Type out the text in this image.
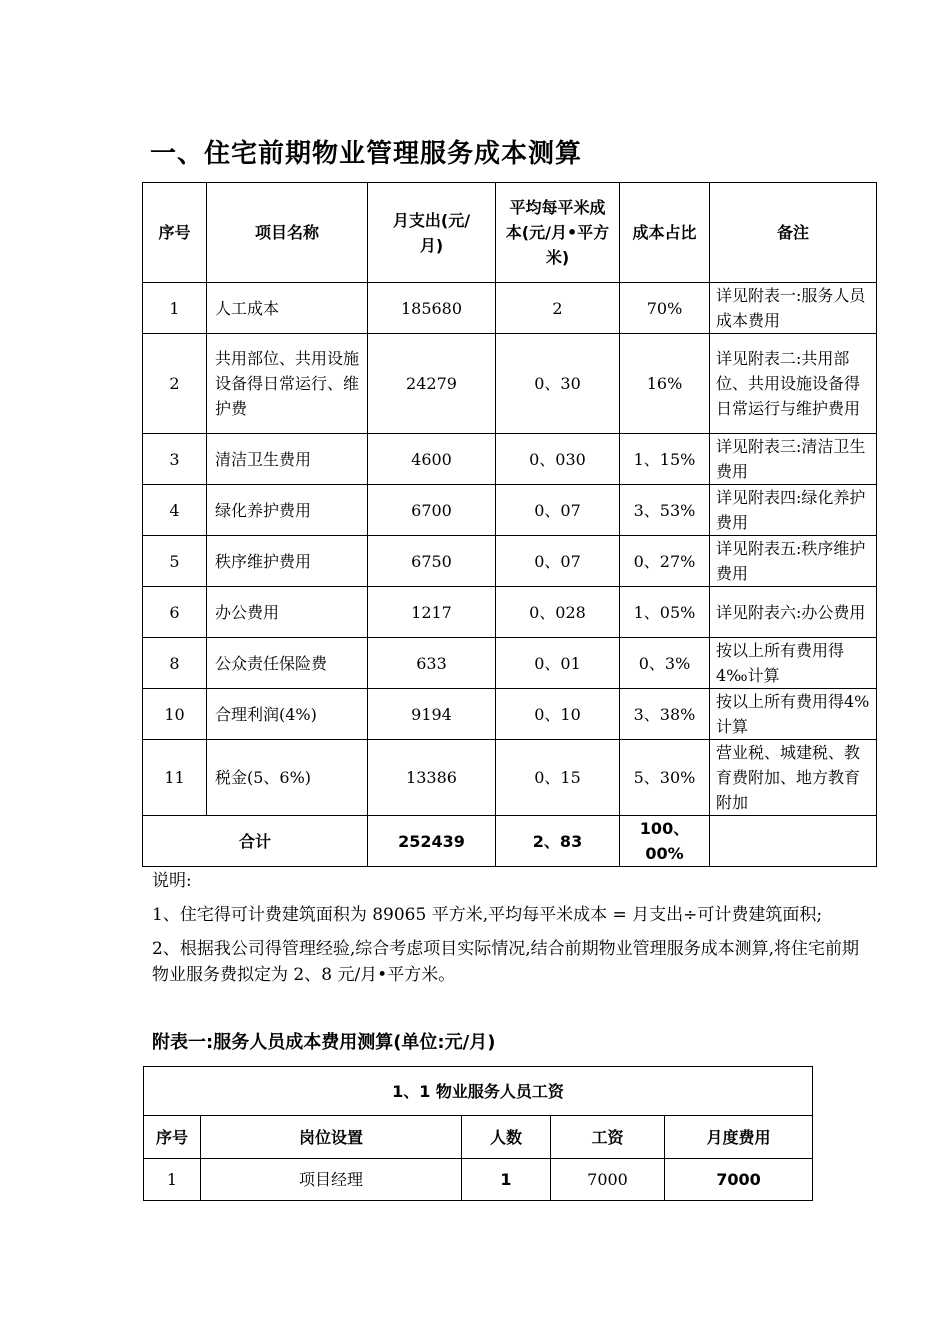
一、住宅前期物业管理服务成本测算
序号	项目名称	月支出(元/月)	平均每平米成本(元/月•平方米)	成本占比	备注
1	人工成本	185680	2	70%	详见附表一:服务人员成本费用
2	共用部位、共用设施设备得日常运行、维护费	24279	0、30	16%	详见附表二:共用部位、共用设施设备得日常运行与维护费用
3	清洁卫生费用	4600	0、030	1、15%	详见附表三:清洁卫生费用
4	绿化养护费用	6700	0、07	3、53%	详见附表四:绿化养护费用
5	秩序维护费用	6750	0、07	0、27%	详见附表五:秩序维护费用
6	办公费用	1217	0、028	1、05%	详见附表六:办公费用
8	公众责任保险费	633	0、01	0、3%	按以上所有费用得4‰计算
10	合理利润(4%)	9194	0、10	3、38%	按以上所有费用得4%计算
11	税金(5、6%)	13386	0、15	5、30%	营业税、城建税、教育费附加、地方教育附加
合计		252439	2、83	100、00%	

说明:

1、住宅得可计费建筑面积为 89065 平方米,平均每平米成本 = 月支出÷可计费建筑面积;

2、根据我公司得管理经验,综合考虑项目实际情况,结合前期物业管理服务成本测算,将住宅前期物业服务费拟定为 2、8 元/月•平方米。

附表一:服务人员成本费用测算(单位:元/月)
1、1 物业服务人员工资				
序号	岗位设置	人数	工资	月度费用
1	项目经理	1	7000	7000
